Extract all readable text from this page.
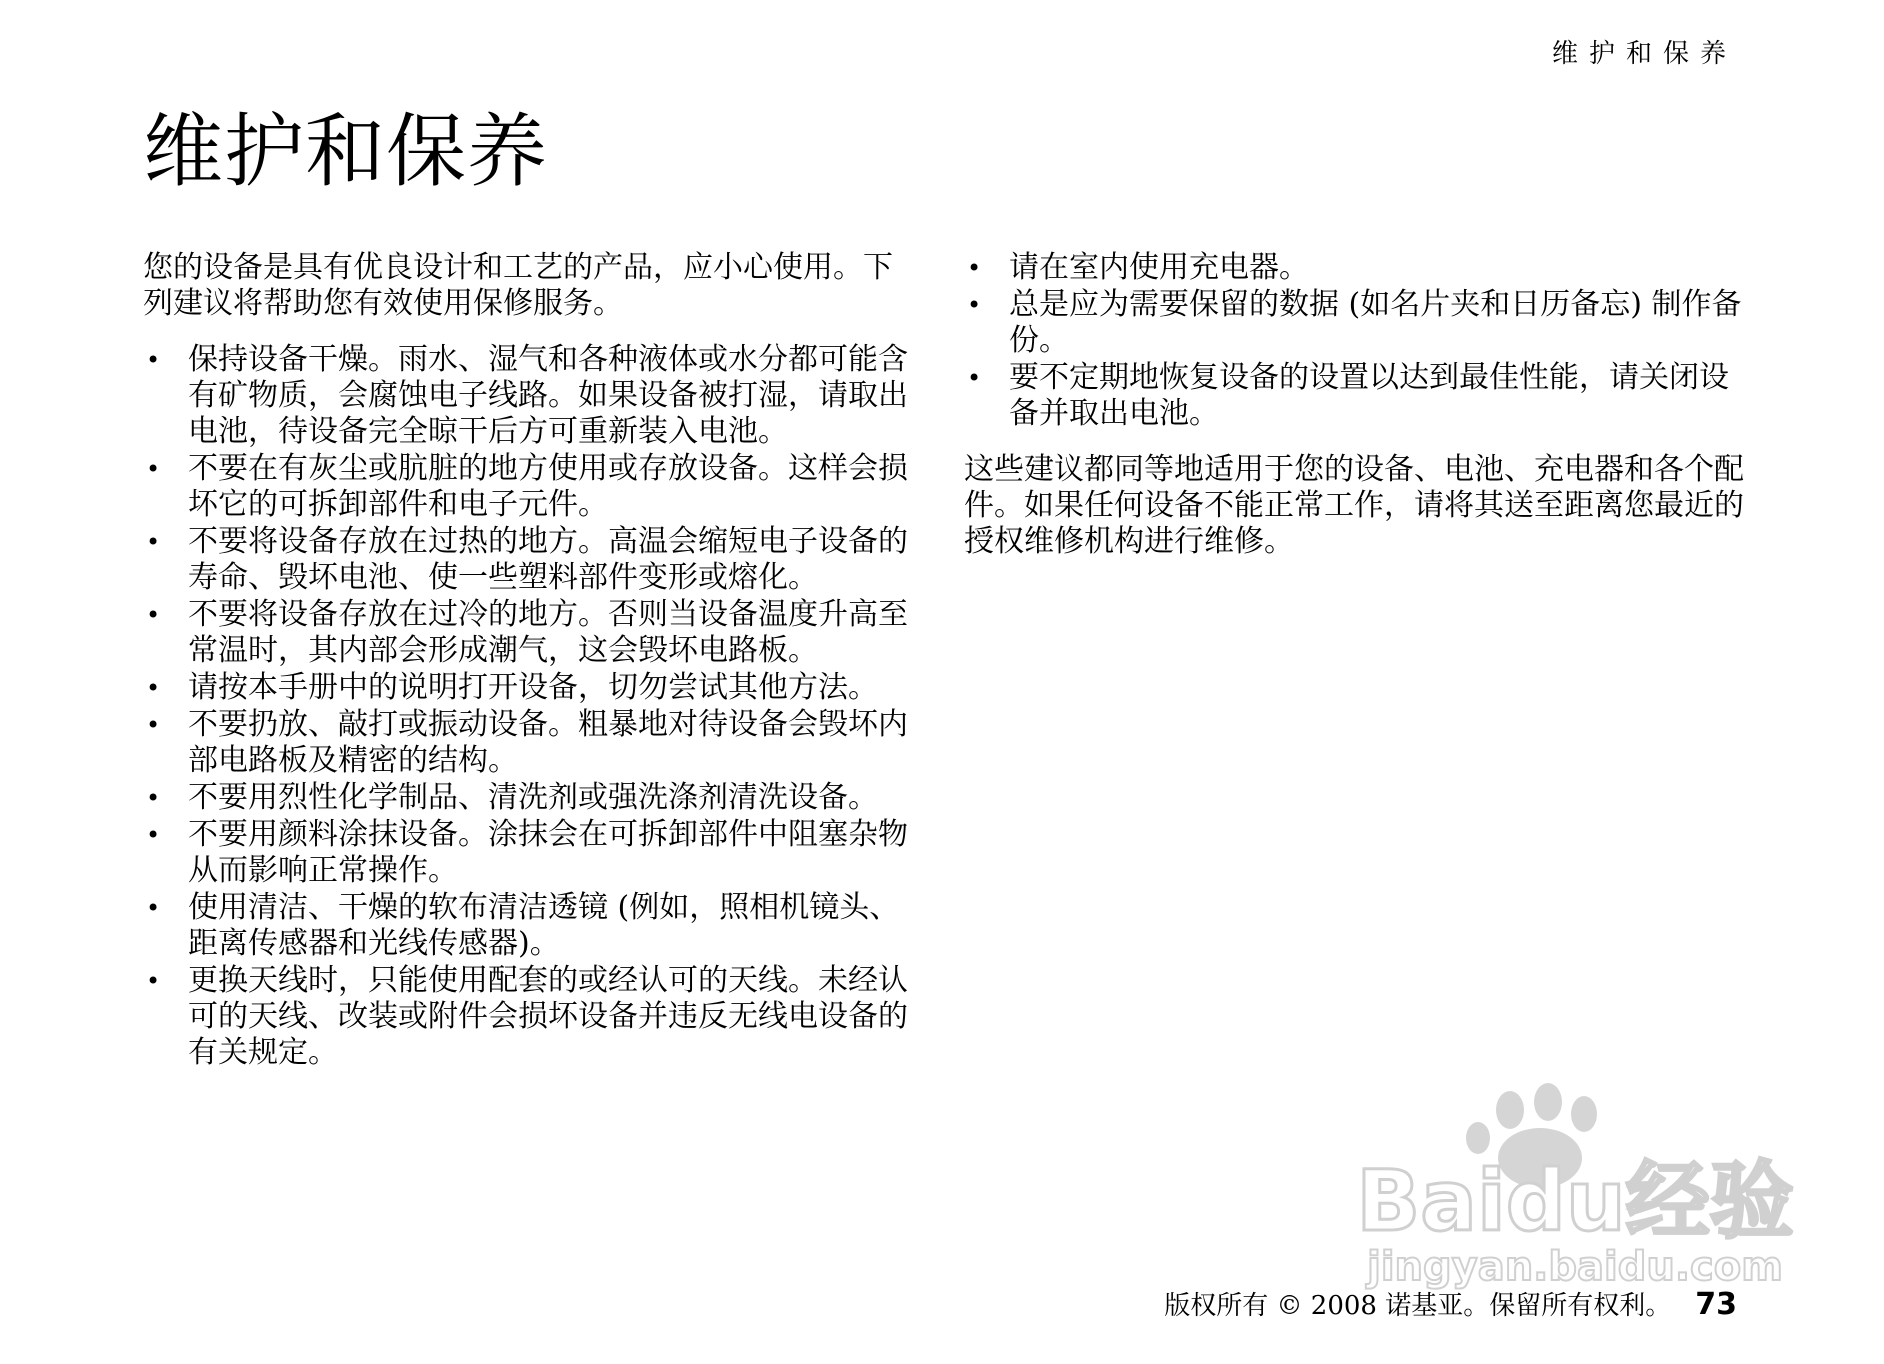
维护和保养
维护和保养

您的设备是具有优良设计和工艺的产品，应小心使用。下列建议将帮助您有效使用保修服务。

• 保持设备干燥。雨水、湿气和各种液体或水分都可能含有矿物质，会腐蚀电子线路。如果设备被打湿，请取出电池，待设备完全晾干后方可重新装入电池。
• 不要在有灰尘或肮脏的地方使用或存放设备。这样会损坏它的可拆卸部件和电子元件。
• 不要将设备存放在过热的地方。高温会缩短电子设备的寿命、毁坏电池、使一些塑料部件变形或熔化。
• 不要将设备存放在过冷的地方。否则当设备温度升高至常温时，其内部会形成潮气，这会毁坏电路板。
• 请按本手册中的说明打开设备，切勿尝试其他方法。
• 不要扔放、敲打或振动设备。粗暴地对待设备会毁坏内部电路板及精密的结构。
• 不要用烈性化学制品、清洗剂或强洗涤剂清洗设备。
• 不要用颜料涂抹设备。涂抹会在可拆卸部件中阻塞杂物从而影响正常操作。
• 使用清洁、干燥的软布清洁透镜 (例如，照相机镜头、距离传感器和光线传感器)。
• 更换天线时，只能使用配套的或经认可的天线。未经认可的天线、改装或附件会损坏设备并违反无线电设备的有关规定。
• 请在室内使用充电器。
• 总是应为需要保留的数据 (如名片夹和日历备忘) 制作备份。
• 要不定期地恢复设备的设置以达到最佳性能，请关闭设备并取出电池。

这些建议都同等地适用于您的设备、电池、充电器和各个配件。如果任何设备不能正常工作，请将其送至距离您最近的授权维修机构进行维修。

Baidu经验
jingyan.baidu.com
版权所有 © 2008 诺基亚。保留所有权利。 73
